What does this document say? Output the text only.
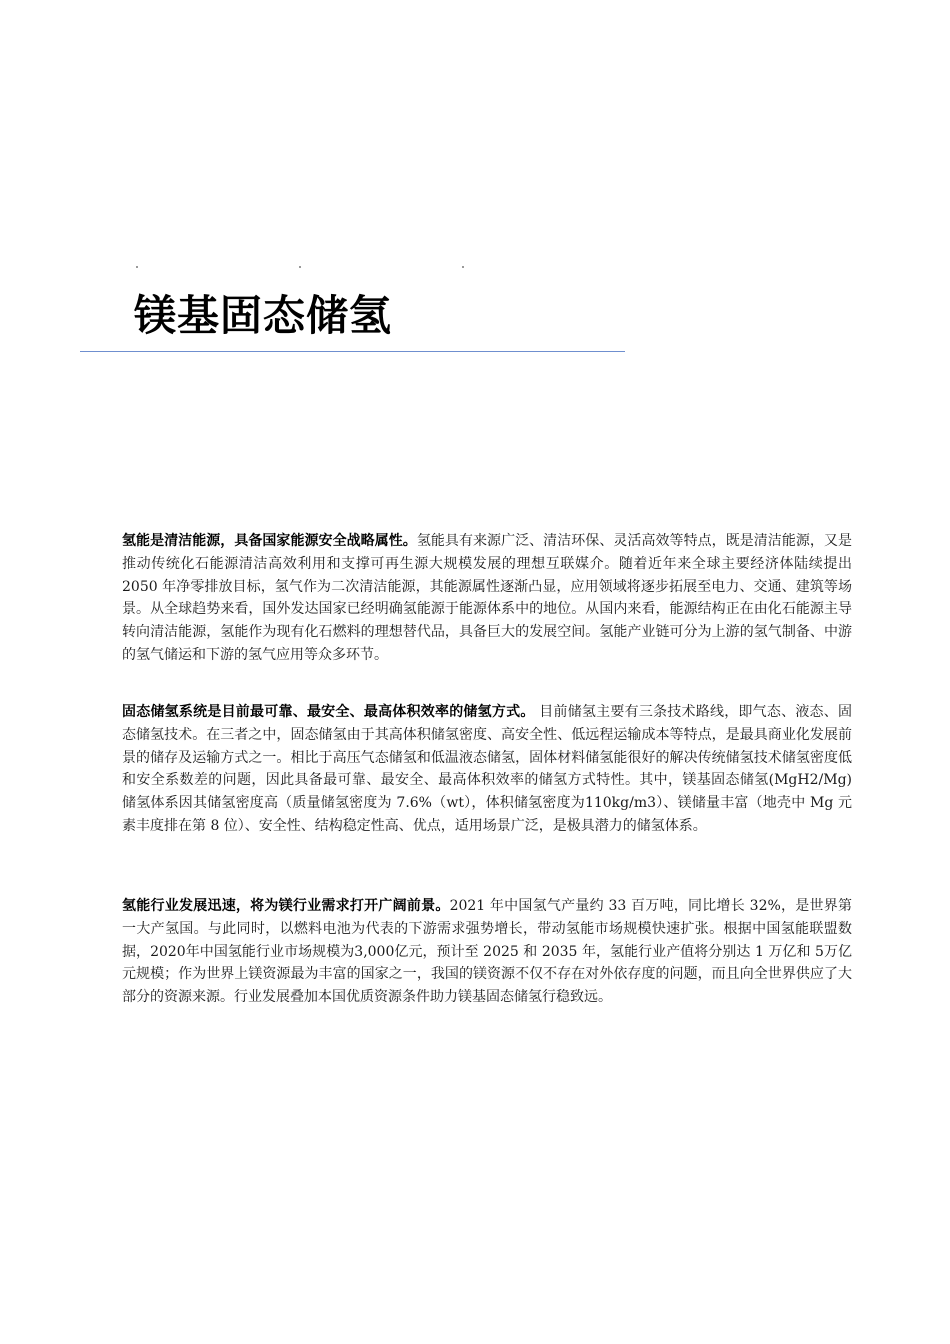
镁基固态储氢

氢能是清洁能源，具备国家能源安全战略属性。氢能具有来源广泛、清洁环保、灵活高效等特点，既是清洁能源，又是推动传统化石能源清洁高效利用和支撑可再生源大规模发展的理想互联媒介。随着近年来全球主要经济体陆续提出 2050 年净零排放目标，氢气作为二次清洁能源，其能源属性逐渐凸显，应用领域将逐步拓展至电力、交通、建筑等场景。从全球趋势来看，国外发达国家已经明确氢能源于能源体系中的地位。从国内来看，能源结构正在由化石能源主导转向清洁能源，氢能作为现有化石燃料的理想替代品，具备巨大的发展空间。氢能产业链可分为上游的氢气制备、中游的氢气储运和下游的氢气应用等众多环节。

固态储氢系统是目前最可靠、最安全、最高体积效率的储氢方式。 目前储氢主要有三条技术路线，即气态、液态、固态储氢技术。在三者之中，固态储氢由于其高体积储氢密度、高安全性、低远程运输成本等特点，是最具商业化发展前景的储存及运输方式之一。相比于高压气态储氢和低温液态储氢，固体材料储氢能很好的解决传统储氢技术储氢密度低和安全系数差的问题，因此具备最可靠、最安全、最高体积效率的储氢方式特性。其中，镁基固态储氢(MgH2/Mg) 储氢体系因其储氢密度高（质量储氢密度为 7.6%（wt），体积储氢密度为110kg/m3）、镁储量丰富（地壳中 Mg 元素丰度排在第 8 位）、安全性、结构稳定性高、优点，适用场景广泛，是极具潜力的储氢体系。

氢能行业发展迅速，将为镁行业需求打开广阔前景。2021 年中国氢气产量约 33 百万吨，同比增长 32%，是世界第一大产氢国。与此同时，以燃料电池为代表的下游需求强势增长，带动氢能市场规模快速扩张。根据中国氢能联盟数据，2020年中国氢能行业市场规模为3,000亿元，预计至 2025 和 2035 年，氢能行业产值将分别达 1 万亿和 5万亿元规模；作为世界上镁资源最为丰富的国家之一，我国的镁资源不仅不存在对外依存度的问题，而且向全世界供应了大部分的资源来源。行业发展叠加本国优质资源条件助力镁基固态储氢行稳致远。
